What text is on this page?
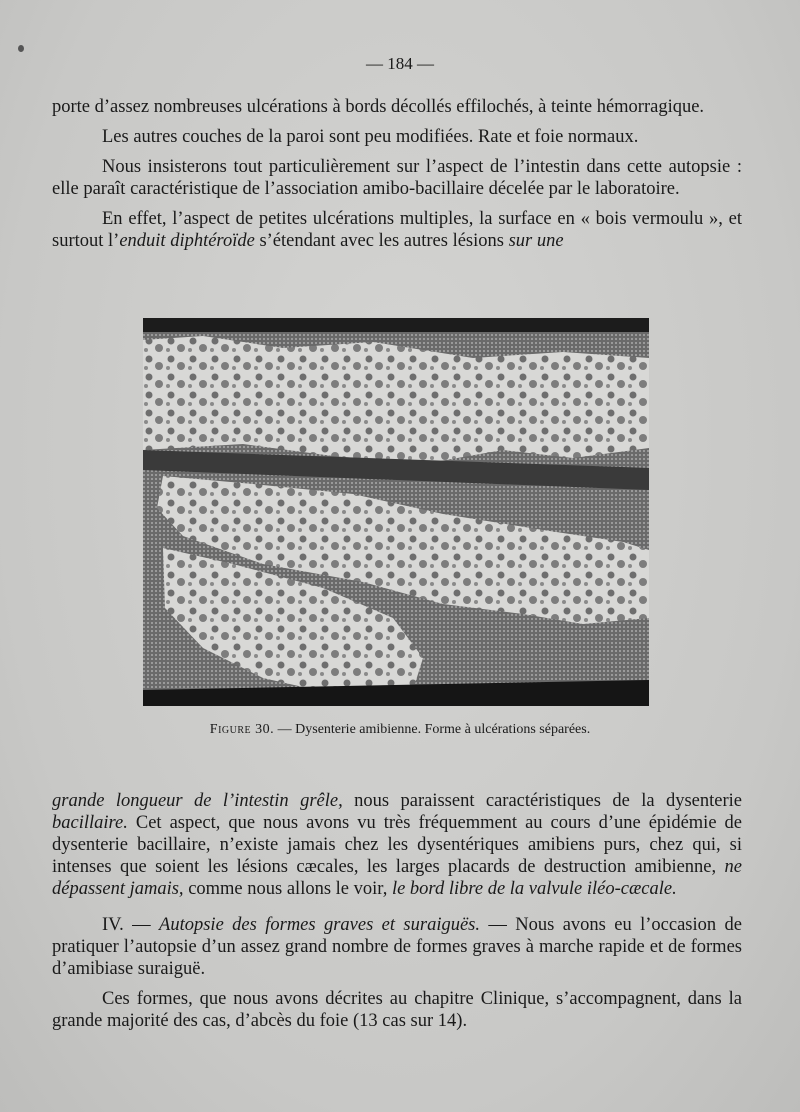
— 184 —

porte d’assez nombreuses ulcérations à bords décollés effilochés, à teinte hémorragique.

Les autres couches de la paroi sont peu modifiées. Rate et foie normaux.

Nous insisterons tout particulièrement sur l’aspect de l’intestin dans cette autopsie : elle paraît caractéristique de l’association amibo-bacillaire décelée par le laboratoire.

En effet, l’aspect de petites ulcérations multiples, la surface en « bois vermoulu », et surtout l’enduit diphtéroïde s’étendant avec les autres lésions sur une

Figure 30. — Dysenterie amibienne. Forme à ulcérations séparées.

grande longueur de l’intestin grêle, nous paraissent caractéristiques de la dysenterie bacillaire. Cet aspect, que nous avons vu très fréquemment au cours d’une épidémie de dysenterie bacillaire, n’existe jamais chez les dysentériques amibiens purs, chez qui, si intenses que soient les lésions cæcales, les larges placards de destruction amibienne, ne dépassent jamais, comme nous allons le voir, le bord libre de la valvule iléo-cæcale.

IV. — Autopsie des formes graves et suraiguës. — Nous avons eu l’occasion de pratiquer l’autopsie d’un assez grand nombre de formes graves à marche rapide et de formes d’amibiase suraiguë.

Ces formes, que nous avons décrites au chapitre Clinique, s’accompagnent, dans la grande majorité des cas, d’abcès du foie (13 cas sur 14).
